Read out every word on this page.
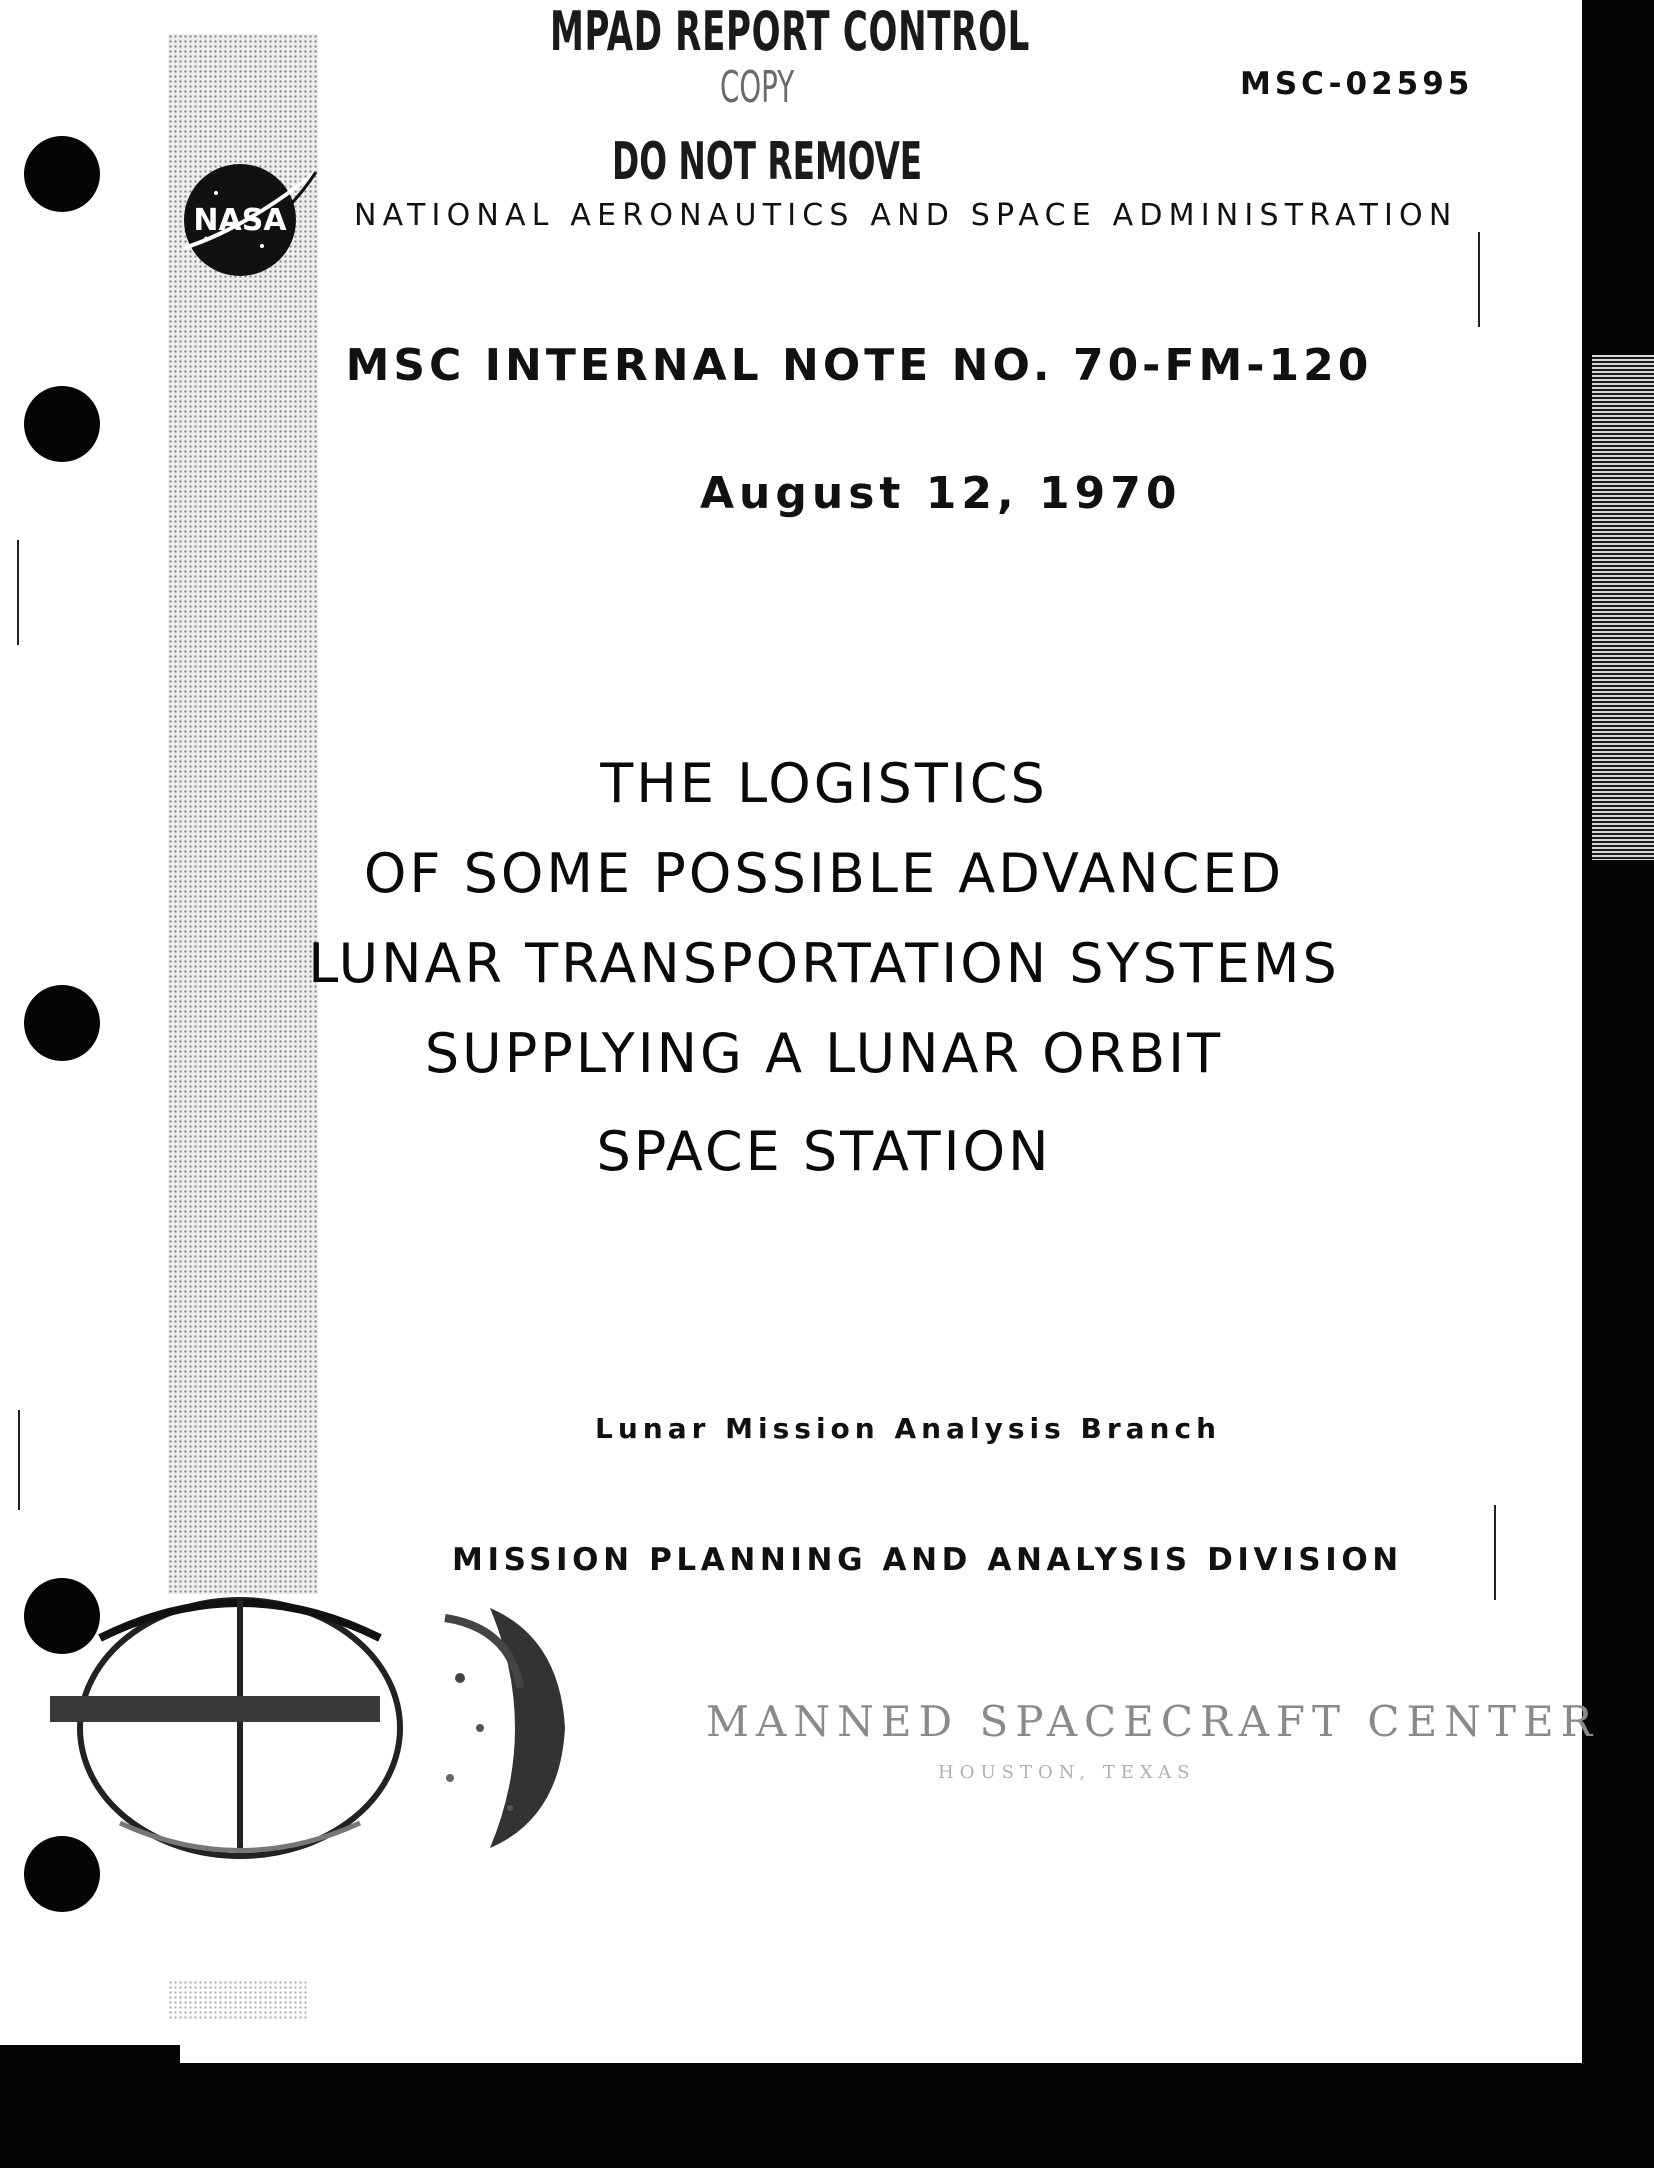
MPAD REPORT CONTROL
COPY
DO NOT REMOVE
MSC-02595
NASA NATIONAL AERONAUTICS AND SPACE ADMINISTRATION
MSC INTERNAL NOTE NO. 70-FM-120
August 12, 1970
THE LOGISTICS
OF SOME POSSIBLE ADVANCED
LUNAR TRANSPORTATION SYSTEMS
SUPPLYING A LUNAR ORBIT
SPACE STATION
Lunar Mission Analysis Branch
MISSION PLANNING AND ANALYSIS DIVISION
MANNED SPACECRAFT CENTER
HOUSTON, TEXAS
